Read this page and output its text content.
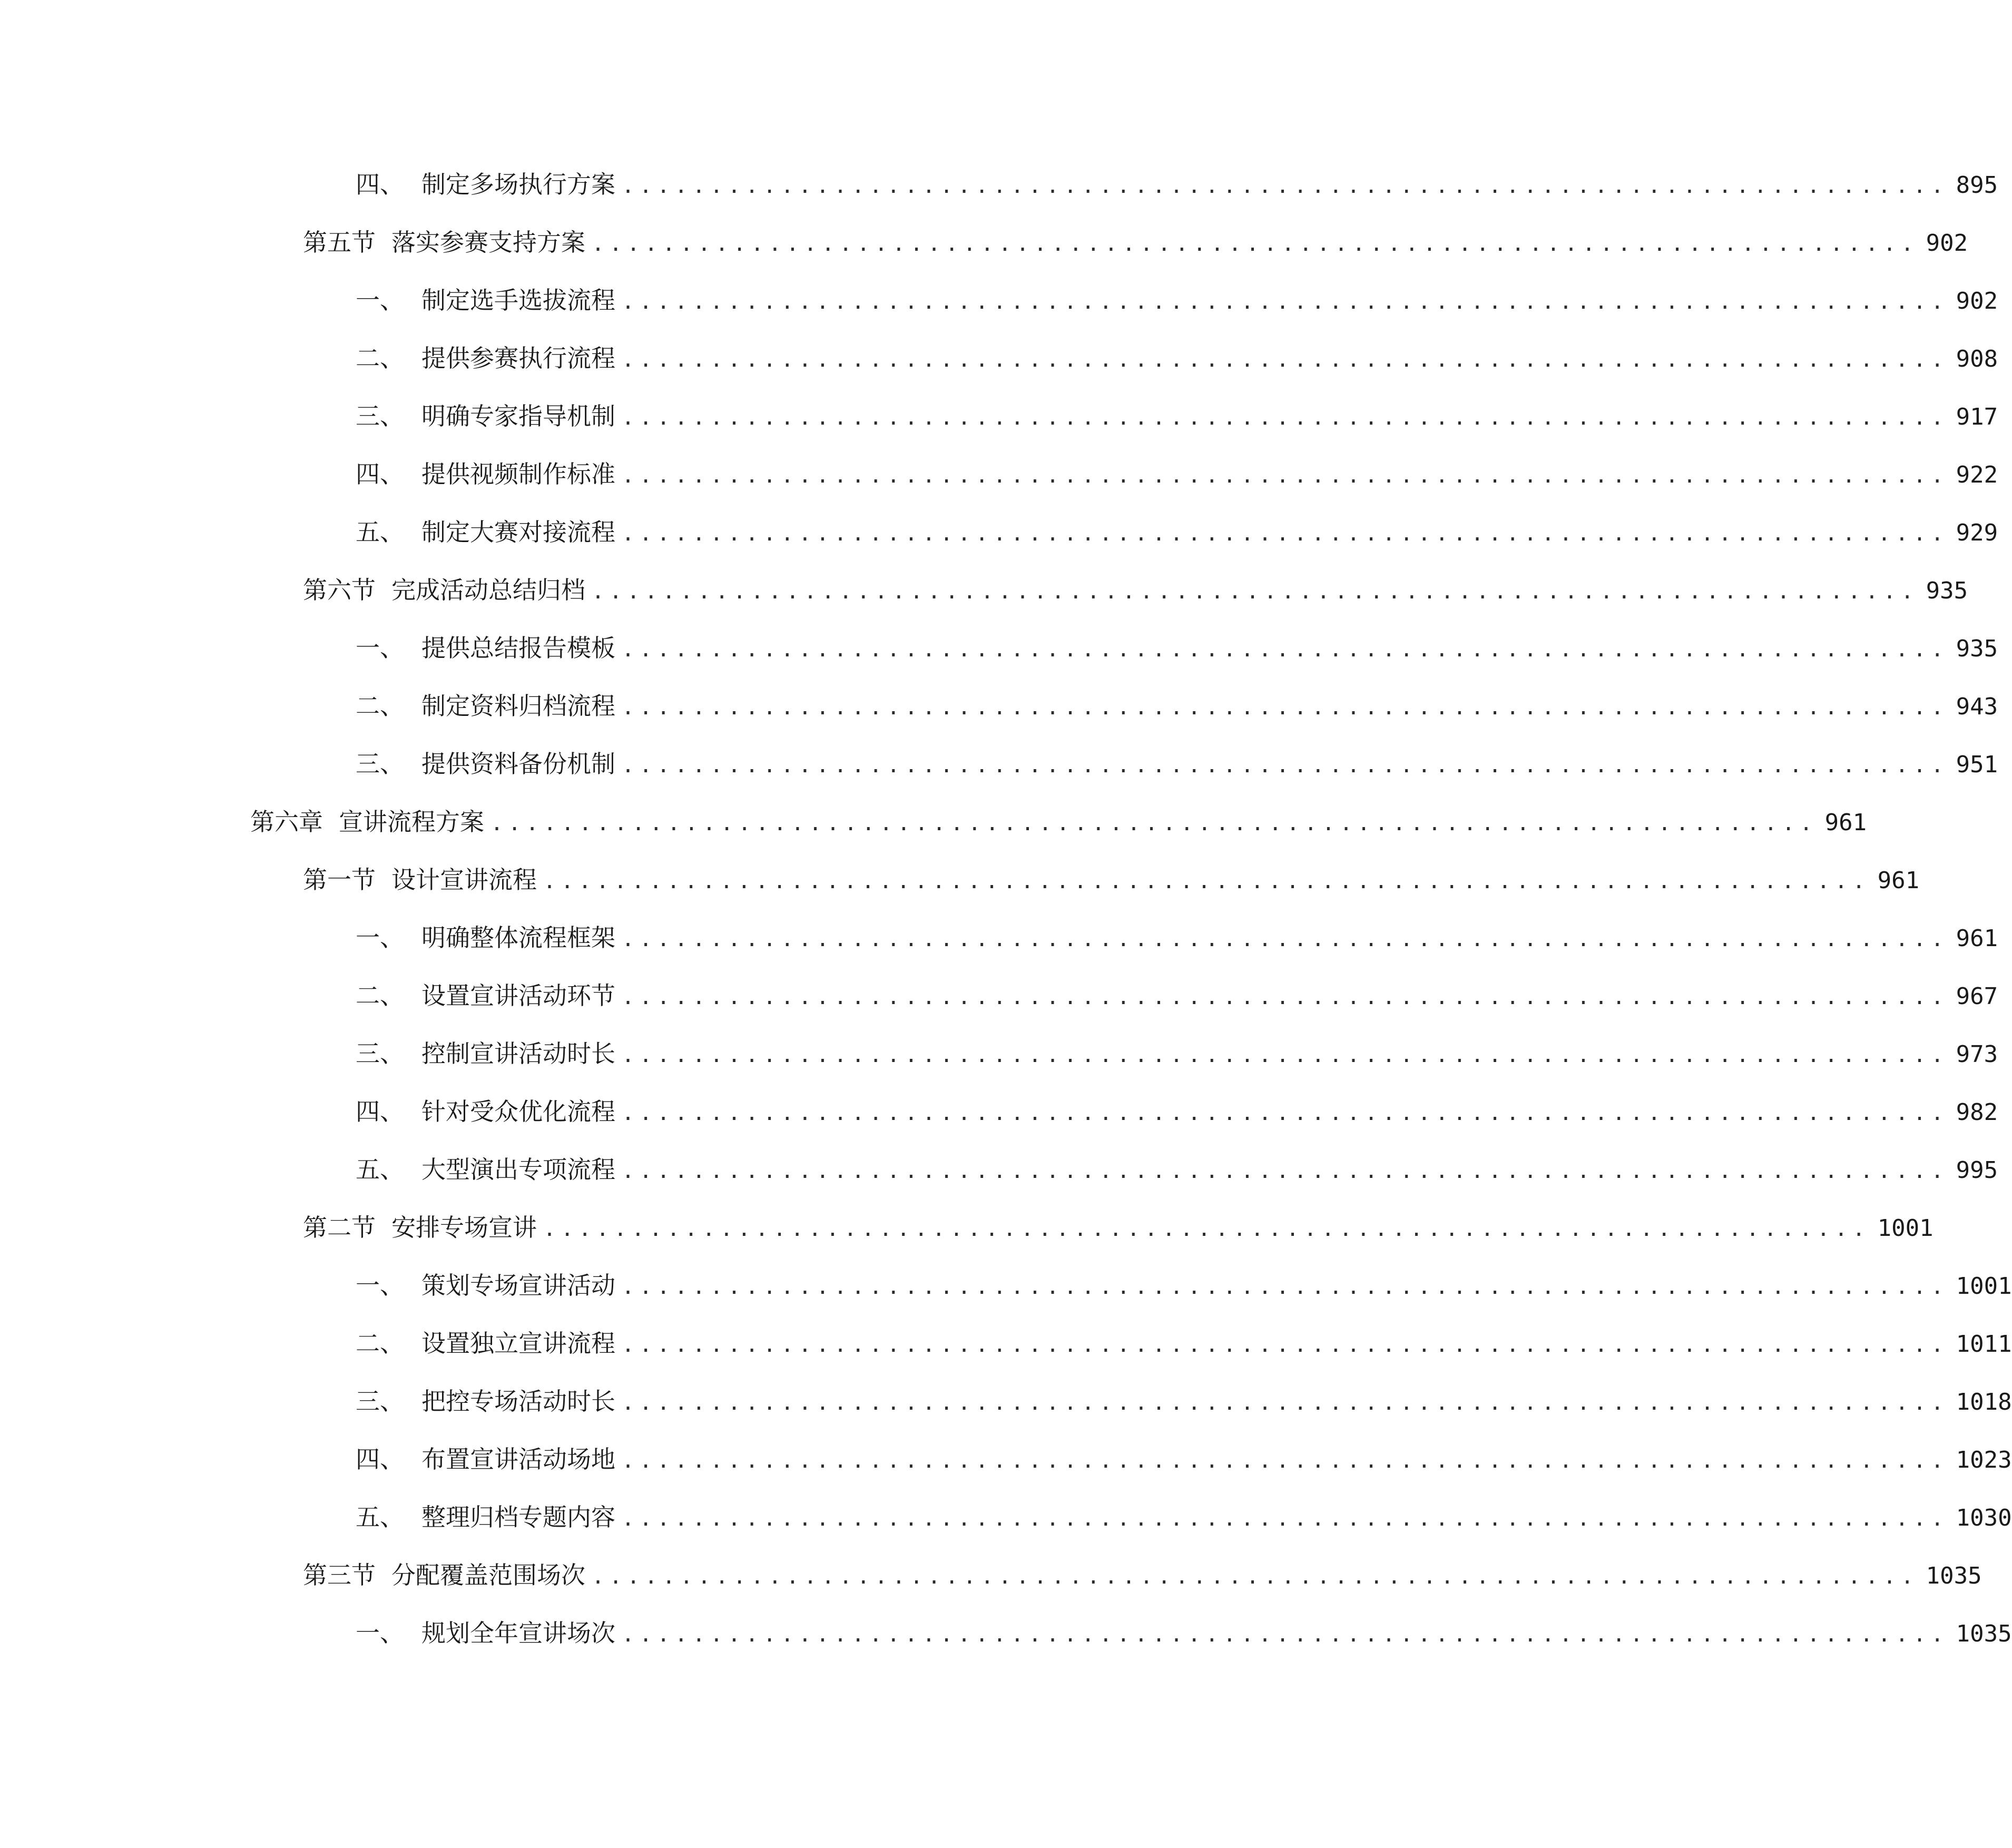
四、 制定多场执行方案 ........................................................................... 895
第五节 落实参赛支持方案 ........................................................................... 902
一、 制定选手选拔流程 ........................................................................... 902
二、 提供参赛执行流程 ........................................................................... 908
三、 明确专家指导机制 ........................................................................... 917
四、 提供视频制作标准 ........................................................................... 922
五、 制定大赛对接流程 ........................................................................... 929
第六节 完成活动总结归档 ........................................................................... 935
一、 提供总结报告模板 ........................................................................... 935
二、 制定资料归档流程 ........................................................................... 943
三、 提供资料备份机制 ........................................................................... 951
第六章 宣讲流程方案 ........................................................................... 961
第一节 设计宣讲流程 ........................................................................... 961
一、 明确整体流程框架 ........................................................................... 961
二、 设置宣讲活动环节 ........................................................................... 967
三、 控制宣讲活动时长 ........................................................................... 973
四、 针对受众优化流程 ........................................................................... 982
五、 大型演出专项流程 ........................................................................... 995
第二节 安排专场宣讲 ........................................................................... 1001
一、 策划专场宣讲活动 ........................................................................... 1001
二、 设置独立宣讲流程 ........................................................................... 1011
三、 把控专场活动时长 ........................................................................... 1018
四、 布置宣讲活动场地 ........................................................................... 1023
五、 整理归档专题内容 ........................................................................... 1030
第三节 分配覆盖范围场次 ........................................................................... 1035
一、 规划全年宣讲场次 ........................................................................... 1035
